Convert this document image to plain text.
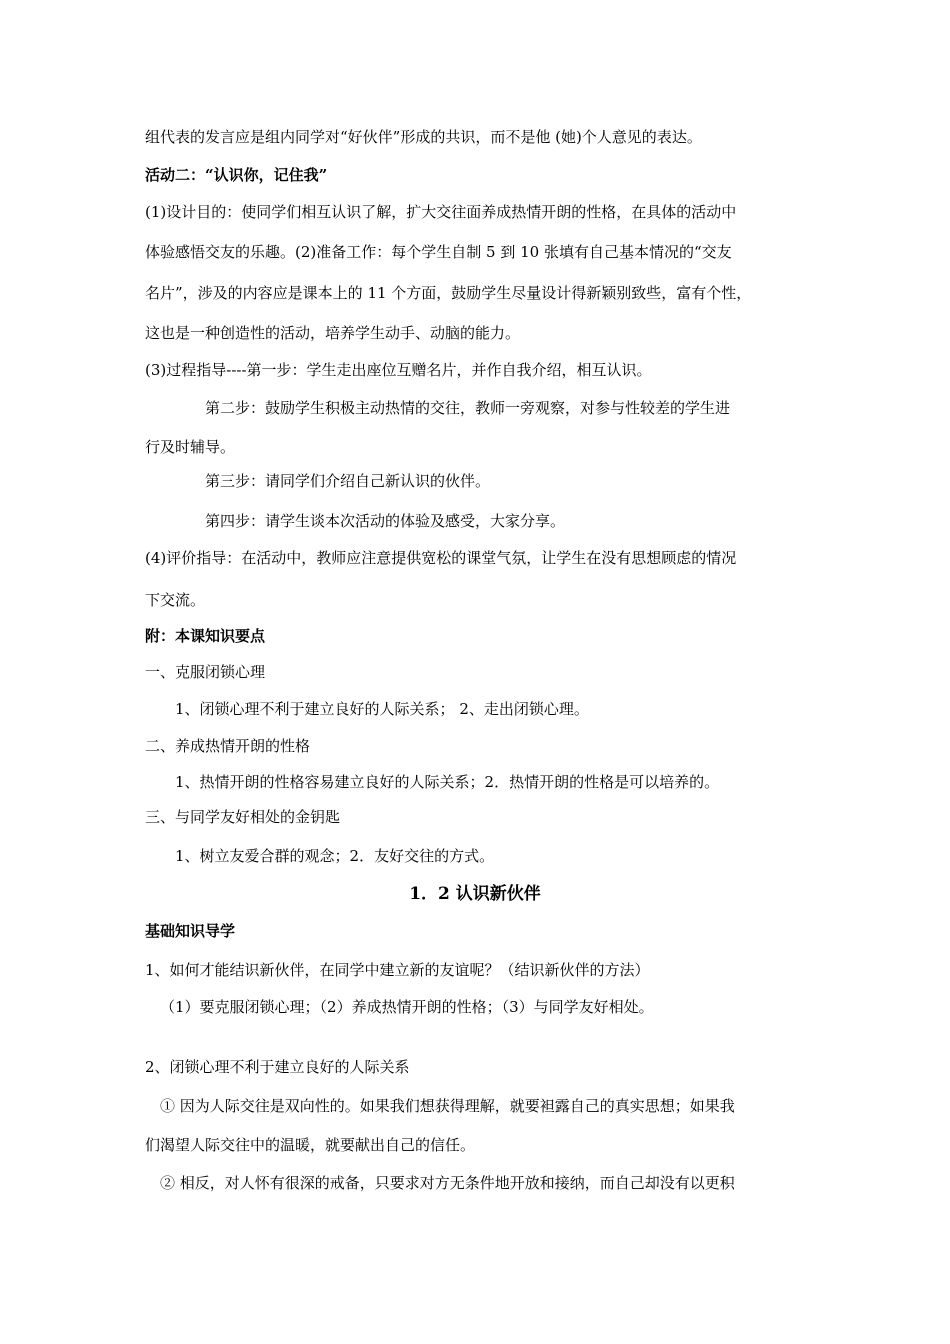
组代表的发言应是组内同学对“好伙伴”形成的共识，而不是他 (她)个人意见的表达。
活动二：“认识你，记住我”
(1)设计目的：使同学们相互认识了解，扩大交往面养成热情开朗的性格，在具体的活动中
体验感悟交友的乐趣。(2)准备工作：每个学生自制 5 到 10 张填有自己基本情况的“交友
名片”，涉及的内容应是课本上的 11 个方面，鼓励学生尽量设计得新颖别致些，富有个性，
这也是一种创造性的活动，培养学生动手、动脑的能力。
(3)过程指导----第一步：学生走出座位互赠名片，并作自我介绍，相互认识。
第二步：鼓励学生积极主动热情的交往，教师一旁观察，对参与性较差的学生进
行及时辅导。
第三步：请同学们介绍自己新认识的伙伴。
第四步：请学生谈本次活动的体验及感受，大家分享。
(4)评价指导：在活动中，教师应注意提供宽松的课堂气氛，让学生在没有思想顾虑的情况
下交流。
附：本课知识要点
一、克服闭锁心理
1、闭锁心理不利于建立良好的人际关系； 2、走出闭锁心理。
二、养成热情开朗的性格
1、热情开朗的性格容易建立良好的人际关系；2．热情开朗的性格是可以培养的。
三、与同学友好相处的金钥匙
1、树立友爱合群的观念；2．友好交往的方式。
1．2 认识新伙伴
基础知识导学
1、如何才能结识新伙伴，在同学中建立新的友谊呢？（结识新伙伴的方法）
（1）要克服闭锁心理；（2）养成热情开朗的性格；（3）与同学友好相处。
2、闭锁心理不利于建立良好的人际关系
① 因为人际交往是双向性的。如果我们想获得理解，就要袒露自己的真实思想；如果我
们渴望人际交往中的温暖，就要献出自己的信任。
② 相反，对人怀有很深的戒备，只要求对方无条件地开放和接纳，而自己却没有以更积
